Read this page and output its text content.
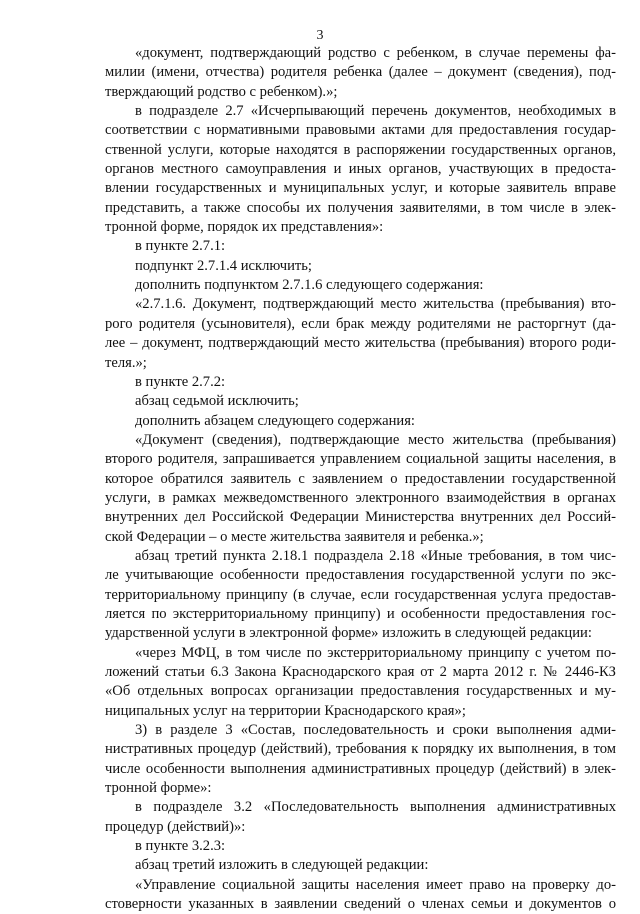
3
«документ, подтверждающий родство с ребенком, в случае перемены фа-
милии (имени, отчества) родителя ребенка (далее – документ (сведения), под-
тверждающий родство с ребенком).»;
в подразделе 2.7 «Исчерпывающий перечень документов, необходимых в
соответствии с нормативными правовыми актами для предоставления государ-
ственной услуги, которые находятся в распоряжении государственных органов,
органов местного самоуправления и иных органов, участвующих в предоста-
влении государственных и муниципальных услуг, и которые заявитель вправе
представить, а также способы их получения заявителями, в том числе в элек-
тронной форме, порядок их представления»:
в пункте 2.7.1:
подпункт 2.7.1.4 исключить;
дополнить подпунктом 2.7.1.6 следующего содержания:
«2.7.1.6. Документ, подтверждающий место жительства (пребывания) вто-
рого родителя (усыновителя), если брак между родителями не расторгнут (да-
лее – документ, подтверждающий место жительства (пребывания) второго роди-
теля.»;
в пункте 2.7.2:
абзац седьмой исключить;
дополнить абзацем следующего содержания:
«Документ (сведения), подтверждающие место жительства (пребывания)
второго родителя, запрашивается управлением социальной защиты населения, в
которое обратился заявитель с заявлением о предоставлении государственной
услуги, в рамках межведомственного электронного взаимодействия в органах
внутренних дел Российской Федерации Министерства внутренних дел Россий-
ской Федерации – о месте жительства заявителя и ребенка.»;
абзац третий пункта 2.18.1 подраздела 2.18 «Иные требования, в том чис-
ле учитывающие особенности предоставления государственной услуги по экс-
территориальному принципу (в случае, если государственная услуга предостав-
ляется по экстерриториальному принципу) и особенности предоставления гос-
ударственной услуги в электронной форме» изложить в следующей редакции:
«через МФЦ, в том числе по экстерриториальному принципу с учетом по-
ложений статьи 6.3 Закона Краснодарского края от 2 марта 2012 г. № 2446-КЗ
«Об отдельных вопросах организации предоставления государственных и му-
ниципальных услуг на территории Краснодарского края»;
3) в разделе 3 «Состав, последовательность и сроки выполнения адми-
нистративных процедур (действий), требования к порядку их выполнения, в том
числе особенности выполнения административных процедур (действий) в элек-
тронной форме»:
в подразделе 3.2 «Последовательность выполнения административных
процедур (действий)»:
в пункте 3.2.3:
абзац третий изложить в следующей редакции:
«Управление социальной защиты населения имеет право на проверку до-
стоверности указанных в заявлении сведений о членах семьи и документов о
